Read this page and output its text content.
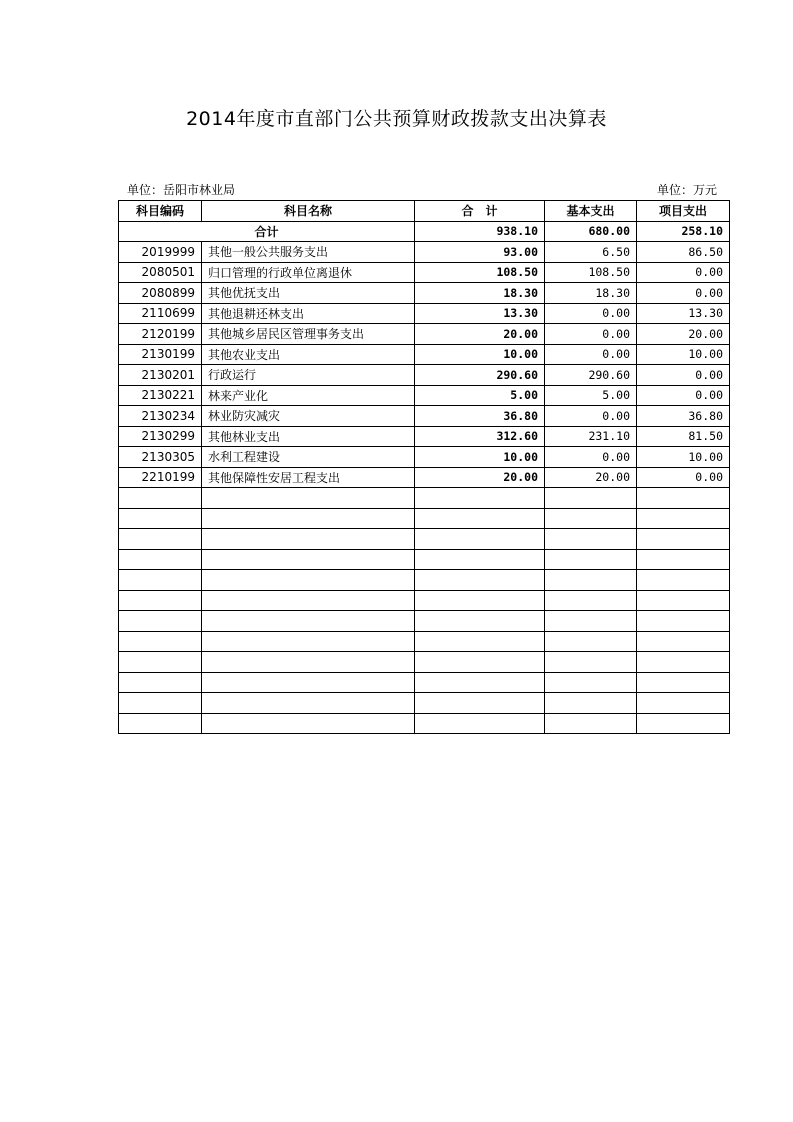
2014年度市直部门公共预算财政拨款支出决算表
单位：岳阳市林业局	单位：万元
科目编码	科目名称	合　计	基本支出	项目支出
合计		938.10	680.00	258.10
2019999	其他一般公共服务支出	93.00	6.50	86.50
2080501	归口管理的行政单位离退休	108.50	108.50	0.00
2080899	其他优抚支出	18.30	18.30	0.00
2110699	其他退耕还林支出	13.30	0.00	13.30
2120199	其他城乡居民区管理事务支出	20.00	0.00	20.00
2130199	其他农业支出	10.00	0.00	10.00
2130201	行政运行	290.60	290.60	0.00
2130221	林来产业化	5.00	5.00	0.00
2130234	林业防灾减灾	36.80	0.00	36.80
2130299	其他林业支出	312.60	231.10	81.50
2130305	水利工程建设	10.00	0.00	10.00
2210199	其他保障性安居工程支出	20.00	20.00	0.00
